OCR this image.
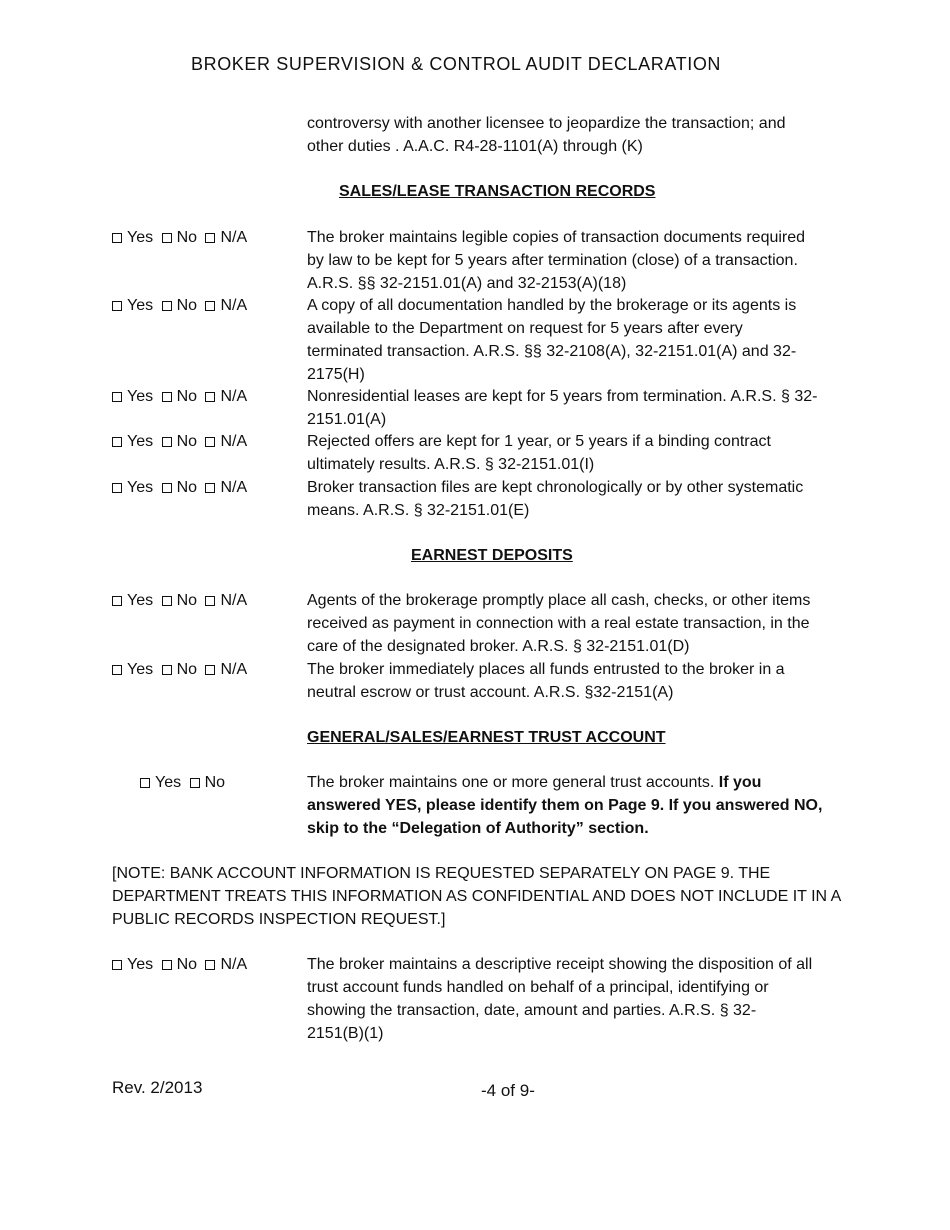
BROKER SUPERVISION & CONTROL AUDIT DECLARATION
controversy with another licensee to jeopardize the transaction; and
other duties . A.A.C. R4-28-1101(A) through (K)
SALES/LEASE TRANSACTION RECORDS
Yes No N/A	The broker maintains legible copies of transaction documents required
by law to be kept for 5 years after termination (close) of a transaction.
A.R.S. §§ 32-2151.01(A) and 32-2153(A)(18)
Yes No N/A	A copy of all documentation handled by the brokerage or its agents is
available to the Department on request for 5 years after every
terminated transaction. A.R.S. §§ 32-2108(A), 32-2151.01(A) and 32-
2175(H)
Yes No N/A	Nonresidential leases are kept for 5 years from termination. A.R.S. § 32-
2151.01(A)
Yes No N/A	Rejected offers are kept for 1 year, or 5 years if a binding contract
ultimately results. A.R.S. § 32-2151.01(I)
Yes No N/A	Broker transaction files are kept chronologically or by other systematic
means. A.R.S. § 32-2151.01(E)
EARNEST DEPOSITS
Yes No N/A	Agents of the brokerage promptly place all cash, checks, or other items
received as payment in connection with a real estate transaction, in the
care of the designated broker. A.R.S. § 32-2151.01(D)
Yes No N/A	The broker immediately places all funds entrusted to the broker in a
neutral escrow or trust account. A.R.S. §32-2151(A)
GENERAL/SALES/EARNEST TRUST ACCOUNT
Yes No	The broker maintains one or more general trust accounts. If you
answered YES, please identify them on Page 9. If you answered NO,
skip to the “Delegation of Authority” section.
[NOTE: BANK ACCOUNT INFORMATION IS REQUESTED SEPARATELY ON PAGE 9. THE
DEPARTMENT TREATS THIS INFORMATION AS CONFIDENTIAL AND DOES NOT INCLUDE IT IN A
PUBLIC RECORDS INSPECTION REQUEST.]
Yes No N/A	The broker maintains a descriptive receipt showing the disposition of all
trust account funds handled on behalf of a principal, identifying or
showing the transaction, date, amount and parties. A.R.S. § 32-
2151(B)(1)
Rev. 2/2013	-4 of 9-
